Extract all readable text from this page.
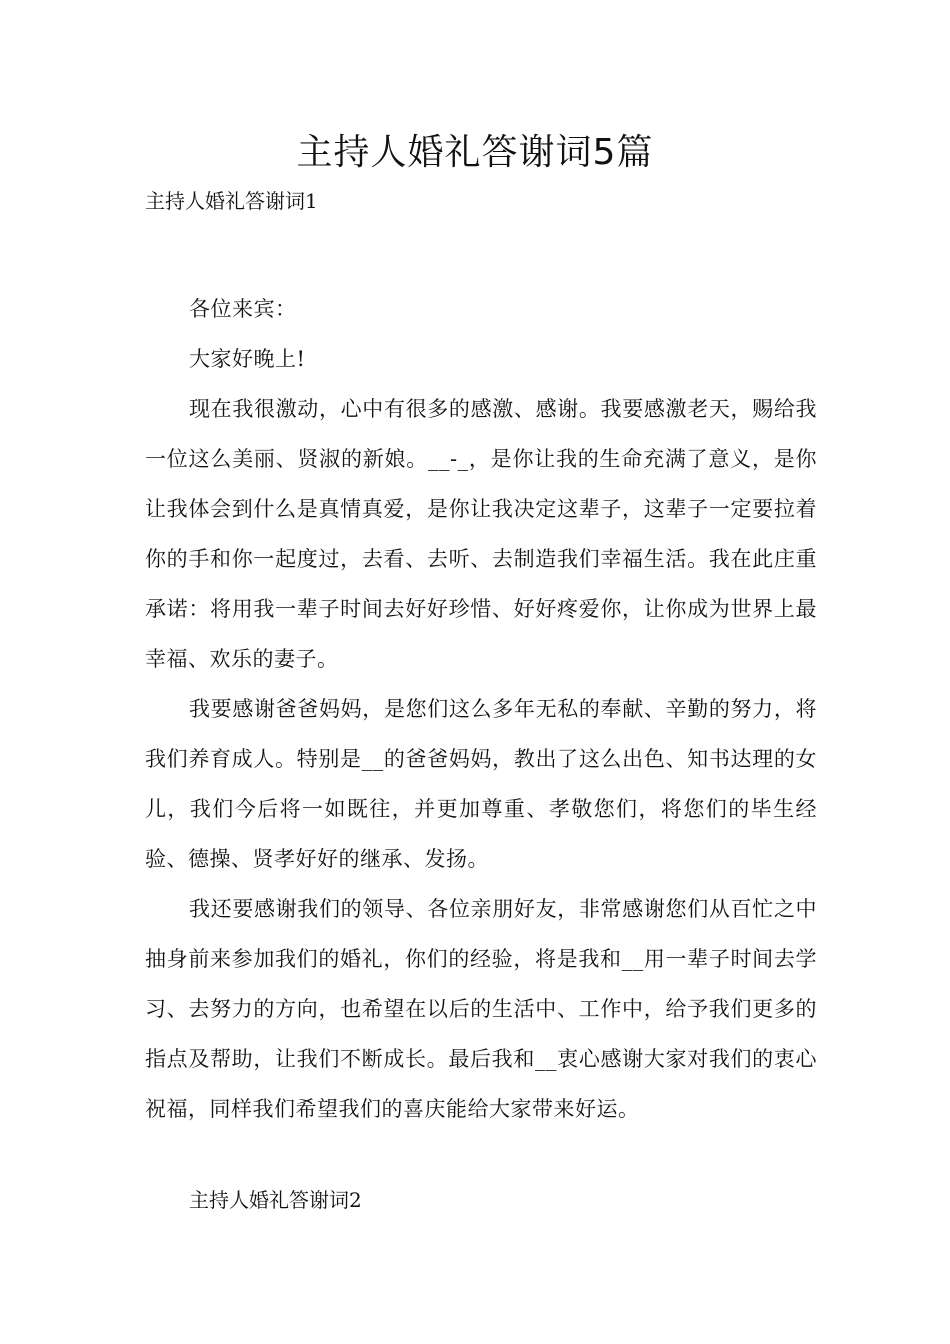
主持人婚礼答谢词5篇

主持人婚礼答谢词1

各位来宾：

大家好晚上!

现在我很激动，心中有很多的感激、感谢。我要感激老天，赐给我一位这么美丽、贤淑的新娘。__-_，是你让我的生命充满了意义，是你让我体会到什么是真情真爱，是你让我决定这辈子，这辈子一定要拉着你的手和你一起度过，去看、去听、去制造我们幸福生活。我在此庄重承诺：将用我一辈子时间去好好珍惜、好好疼爱你，让你成为世界上最幸福、欢乐的妻子。

我要感谢爸爸妈妈，是您们这么多年无私的奉献、辛勤的努力，将我们养育成人。特别是__的爸爸妈妈，教出了这么出色、知书达理的女儿，我们今后将一如既往，并更加尊重、孝敬您们，将您们的毕生经验、德操、贤孝好好的继承、发扬。

我还要感谢我们的领导、各位亲朋好友，非常感谢您们从百忙之中抽身前来参加我们的婚礼，你们的经验，将是我和__用一辈子时间去学习、去努力的方向，也希望在以后的生活中、工作中，给予我们更多的指点及帮助，让我们不断成长。最后我和__衷心感谢大家对我们的衷心祝福，同样我们希望我们的喜庆能给大家带来好运。

主持人婚礼答谢词2
